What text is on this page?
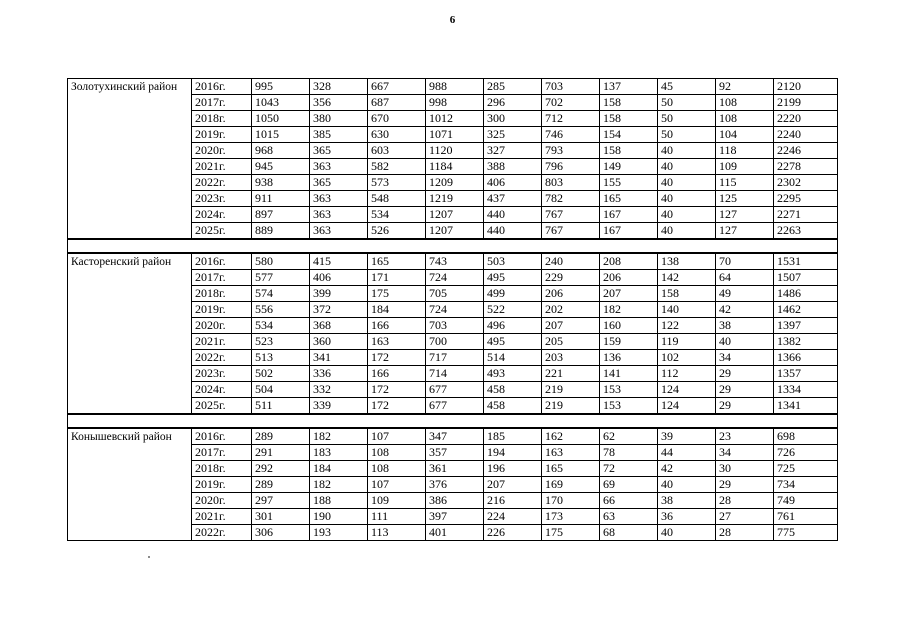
6
Золотухинский район	2016г.	995	328	667	988	285	703	137	45	92	2120
	2017г.	1043	356	687	998	296	702	158	50	108	2199
	2018г.	1050	380	670	1012	300	712	158	50	108	2220
	2019г.	1015	385	630	1071	325	746	154	50	104	2240
	2020г.	968	365	603	1120	327	793	158	40	118	2246
	2021г.	945	363	582	1184	388	796	149	40	109	2278
	2022г.	938	365	573	1209	406	803	155	40	115	2302
	2023г.	911	363	548	1219	437	782	165	40	125	2295
	2024г.	897	363	534	1207	440	767	167	40	127	2271
	2025г.	889	363	526	1207	440	767	167	40	127	2263

Касторенский район	2016г.	580	415	165	743	503	240	208	138	70	1531
	2017г.	577	406	171	724	495	229	206	142	64	1507
	2018г.	574	399	175	705	499	206	207	158	49	1486
	2019г.	556	372	184	724	522	202	182	140	42	1462
	2020г.	534	368	166	703	496	207	160	122	38	1397
	2021г.	523	360	163	700	495	205	159	119	40	1382
	2022г.	513	341	172	717	514	203	136	102	34	1366
	2023г.	502	336	166	714	493	221	141	112	29	1357
	2024г.	504	332	172	677	458	219	153	124	29	1334
	2025г.	511	339	172	677	458	219	153	124	29	1341

Конышевский район	2016г.	289	182	107	347	185	162	62	39	23	698
	2017г.	291	183	108	357	194	163	78	44	34	726
	2018г.	292	184	108	361	196	165	72	42	30	725
	2019г.	289	182	107	376	207	169	69	40	29	734
	2020г.	297	188	109	386	216	170	66	38	28	749
	2021г.	301	190	111	397	224	173	63	36	27	761
	2022г.	306	193	113	401	226	175	68	40	28	775
